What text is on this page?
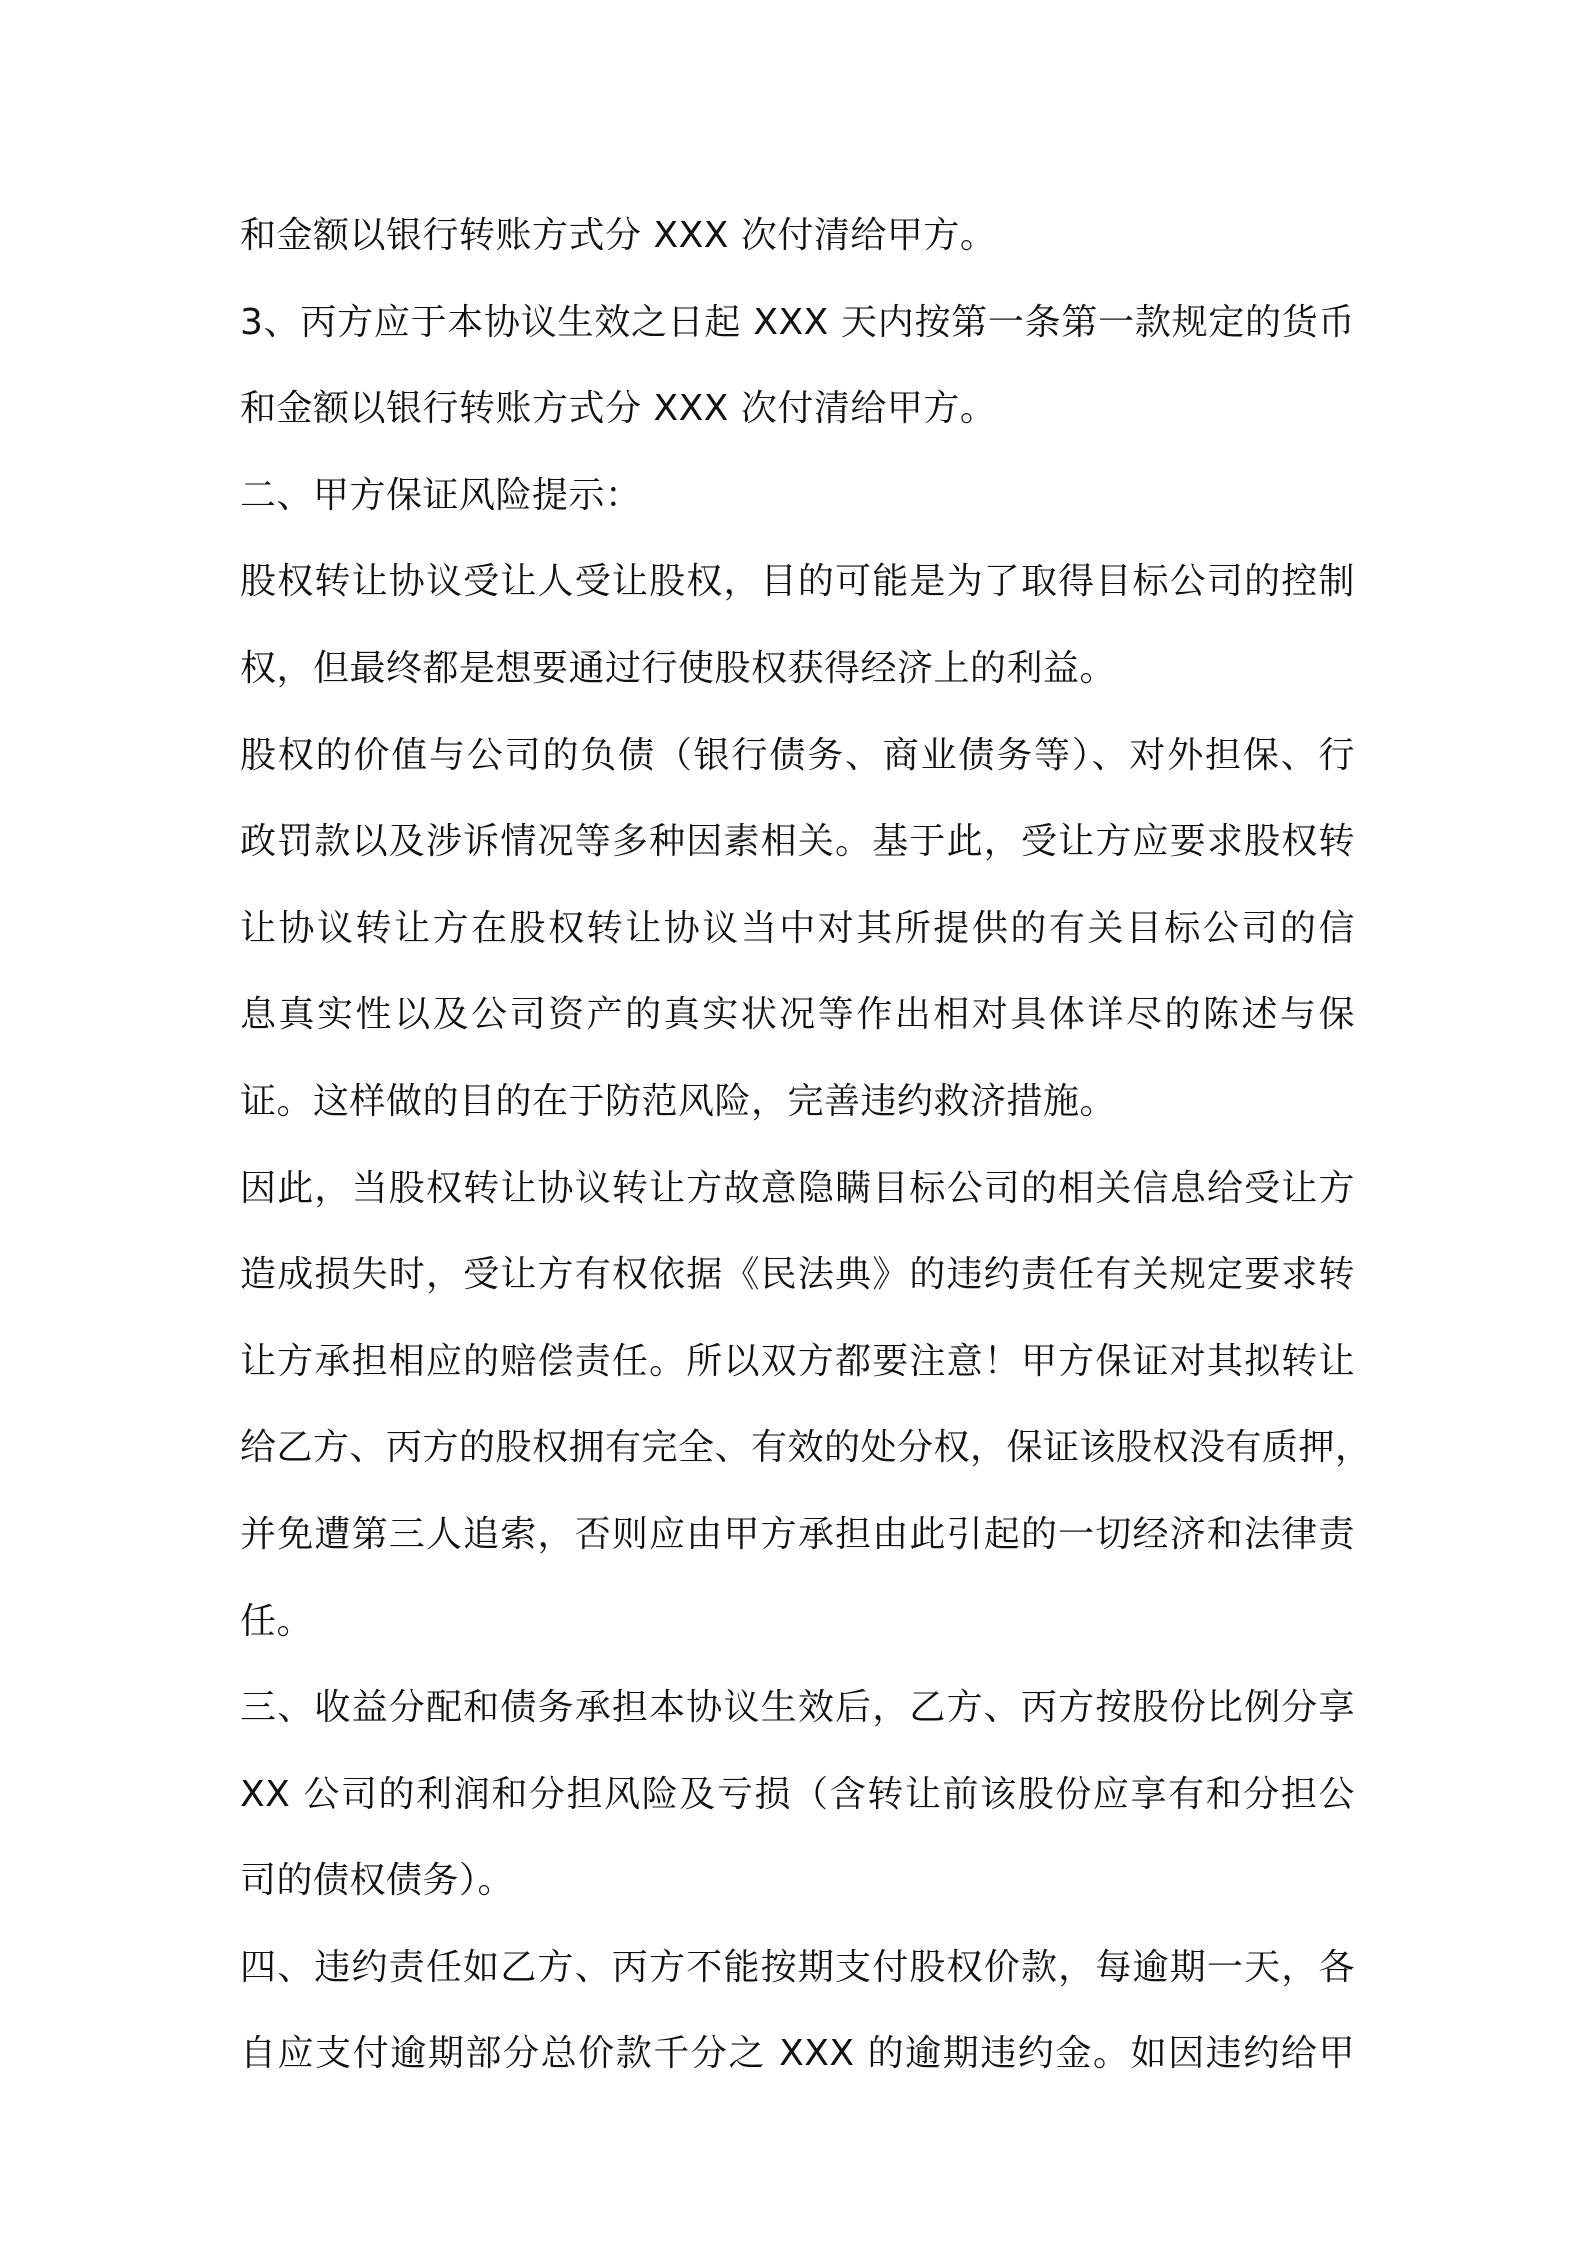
和金额以银行转账方式分 XXX 次付清给甲方。
3、丙方应于本协议生效之日起 XXX 天内按第一条第一款规定的货币
和金额以银行转账方式分 XXX 次付清给甲方。
二、甲方保证风险提示：
股权转让协议受让人受让股权，目的可能是为了取得目标公司的控制
权，但最终都是想要通过行使股权获得经济上的利益。
股权的价值与公司的负债（银行债务、商业债务等）、对外担保、行
政罚款以及涉诉情况等多种因素相关。基于此，受让方应要求股权转
让协议转让方在股权转让协议当中对其所提供的有关目标公司的信
息真实性以及公司资产的真实状况等作出相对具体详尽的陈述与保
证。这样做的目的在于防范风险，完善违约救济措施。
因此，当股权转让协议转让方故意隐瞒目标公司的相关信息给受让方
造成损失时，受让方有权依据《民法典》的违约责任有关规定要求转
让方承担相应的赔偿责任。所以双方都要注意！甲方保证对其拟转让
给乙方、丙方的股权拥有完全、有效的处分权，保证该股权没有质押，
并免遭第三人追索，否则应由甲方承担由此引起的一切经济和法律责
任。
三、收益分配和债务承担本协议生效后，乙方、丙方按股份比例分享
XX 公司的利润和分担风险及亏损（含转让前该股份应享有和分担公
司的债权债务）。
四、违约责任如乙方、丙方不能按期支付股权价款，每逾期一天，各
自应支付逾期部分总价款千分之 XXX 的逾期违约金。如因违约给甲
